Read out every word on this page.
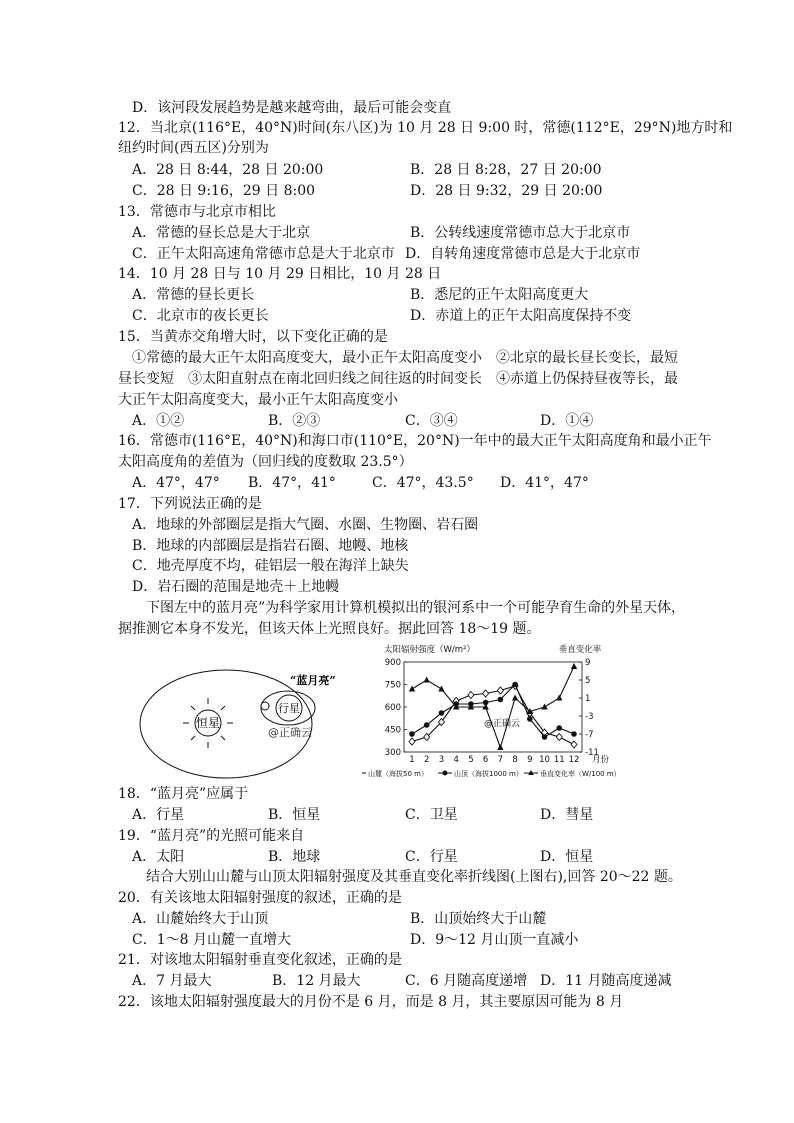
D．该河段发展趋势是越来越弯曲，最后可能会变直
12．当北京(116°E，40°N)时间(东八区)为 10 月 28 日 9:00 时，常德(112°E，29°N)地方时和
纽约时间(西五区)分别为
A．28 日 8:44，28 日 20:00	B．28 日 8:28，27 日 20:00
C．28 日 9:16，29 日 8:00	D．28 日 9:32，29 日 20:00
13．常德市与北京市相比
A．常德的昼长总是大于北京	B．公转线速度常德市总大于北京市
C．正午太阳高速角常德市总是大于北京市 D．自转角速度常德市总是大于北京市
14．10 月 28 日与 10 月 29 日相比，10 月 28 日
A．常德的昼长更长	B．悉尼的正午太阳高度更大
C．北京市的夜长更长	D．赤道上的正午太阳高度保持不变
15．当黄赤交角增大时，以下变化正确的是
①常德的最大正午太阳高度变大，最小正午太阳高度变小　②北京的最长昼长变长，最短
昼长变短　③太阳直射点在南北回归线之间往返的时间变长　④赤道上仍保持昼夜等长，最
大正午太阳高度变大，最小正午太阳高度变小
A．①②	B．②③	C．③④	D．①④
16．常德市(116°E，40°N)和海口市(110°E，20°N)一年中的最大正午太阳高度角和最小正午
太阳高度角的差值为（回归线的度数取 23.5°）
A．47°，47° B．47°，41°	C．47°，43.5° D．41°，47°
17．下列说法正确的是
A．地球的外部圈层是指大气圈、水圈、生物圈、岩石圈
B．地球的内部圈层是指岩石圈、地幔、地核
C．地壳厚度不均，硅铝层一般在海洋上缺失
D．岩石圈的范围是地壳＋上地幔
下图左中的蓝月亮”为科学家用计算机模拟出的银河系中一个可能孕育生命的外星天体，
据推测它本身不发光，但该天体上光照良好。据此回答 18～19 题。
恒星
行星
“蓝月亮”
@正确云
太阳辐射强度（W/m²）	垂直变化率
300
450
600
750
900	9
5
1
-3
-7
-11
1 2 3 4 5 6 7 8 9 10 11 12 月份
@正确云
山麓（海拔50 m）	山顶（海拔1000 m） 垂直变化率（W/100 m）
18．“蓝月亮”应属于
A．行星	B．恒星	C．卫星	D．彗星
19．“蓝月亮”的光照可能来自
A．太阳	B．地球	C．行星	D．恒星
结合大别山山麓与山顶太阳辐射强度及其垂直变化率折线图(上图右),回答 20～22 题。
20．有关该地太阳辐射强度的叙述，正确的是
A．山麓始终大于山顶	B．山顶始终大于山麓
C．1～8 月山麓一直增大	D．9～12 月山顶一直减小
21．对该地太阳辐射垂直变化叙述，正确的是
A．7 月最大	B．12 月最大	C．6 月随高度递增 D．11 月随高度递减
22．该地太阳辐射强度最大的月份不是 6 月，而是 8 月，其主要原因可能为 8 月
